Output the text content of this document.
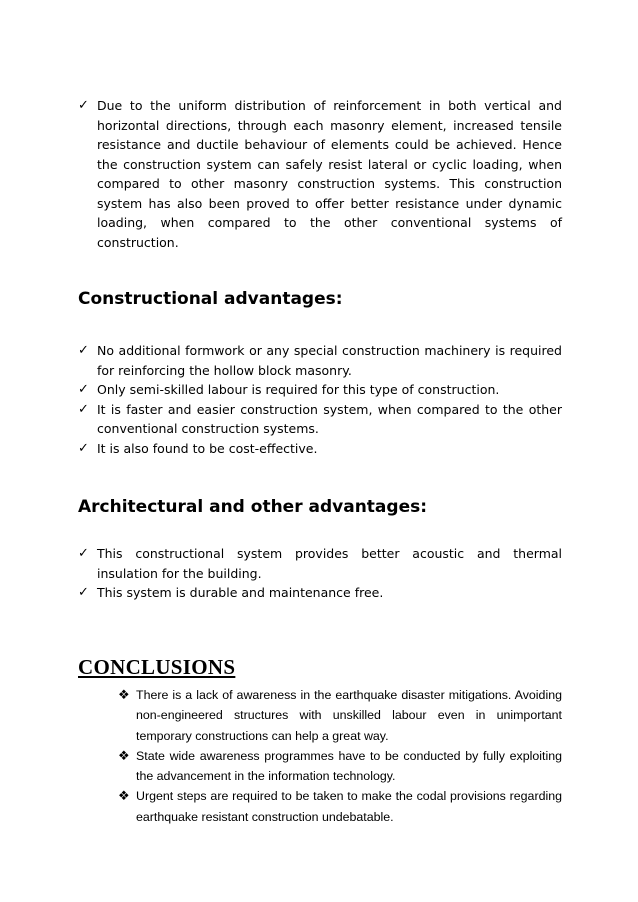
✓ Due to the uniform distribution of reinforcement in both vertical and horizontal directions, through each masonry element, increased tensile resistance and ductile behaviour of elements could be achieved. Hence the construction system can safely resist lateral or cyclic loading, when compared to other masonry construction systems. This construction system has also been proved to offer better resistance under dynamic loading, when compared to the other conventional systems of construction.
Constructional advantages:
✓ No additional formwork or any special construction machinery is required for reinforcing the hollow block masonry.
✓ Only semi-skilled labour is required for this type of construction.
✓ It is faster and easier construction system, when compared to the other conventional construction systems.
✓ It is also found to be cost-effective.
Architectural and other advantages:
✓ This constructional system provides better acoustic and thermal insulation for the building.
✓ This system is durable and maintenance free.
CONCLUSIONS
❖ There is a lack of awareness in the earthquake disaster mitigations. Avoiding non-engineered structures with unskilled labour even in unimportant temporary constructions can help a great way.
❖ State wide awareness programmes have to be conducted by fully exploiting the advancement in the information technology.
❖ Urgent steps are required to be taken to make the codal provisions regarding earthquake resistant construction undebatable.
